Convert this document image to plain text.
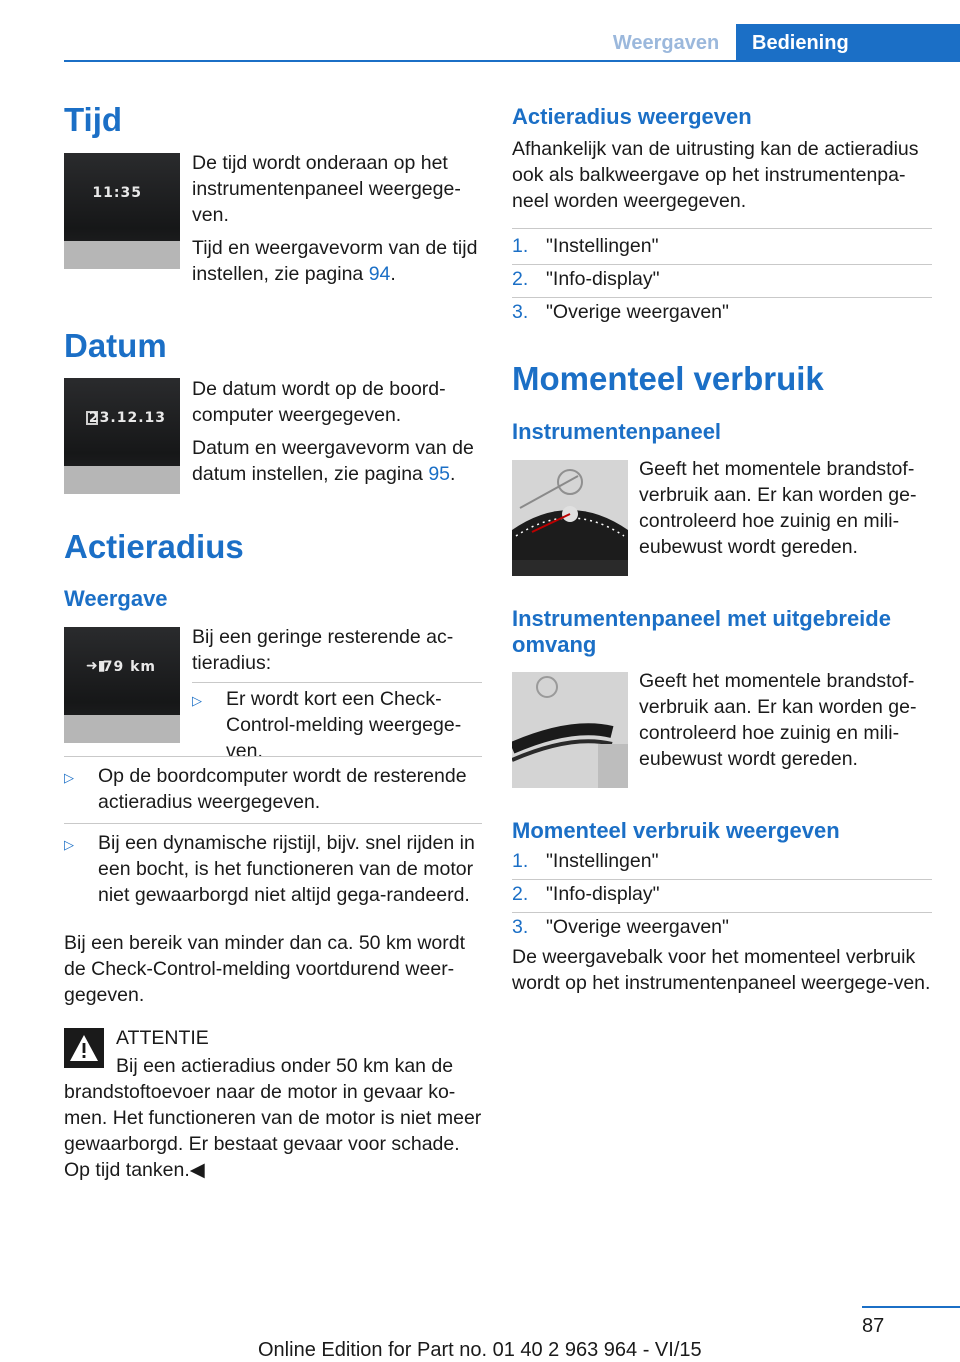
Weergaven	Bediening
Tijd
11:35
De tijd wordt onderaan op het instrumentenpaneel weergege-ven.
Tijd en weergavevorm van de tijd instellen, zie pagina 94.
Datum
23.12.13
De datum wordt op de boord-computer weergegeven.
Datum en weergavevorm van de datum instellen, zie pagina 95.
Actieradius
Weergave
➜▮
79 km
Bij een geringe resterende ac-tieradius:
▷	Er wordt kort een Check-Control-melding weergege-ven.
▷	Op de boordcomputer wordt de resterende actieradius weergegeven.
▷	Bij een dynamische rijstijl, bijv. snel rijden in een bocht, is het functioneren van de motor niet gewaarborgd niet altijd gega-randeerd.
Bij een bereik van minder dan ca. 50 km wordt de Check-Control-melding voortdurend weer-gegeven.
ATTENTIE
Bij een actieradius onder 50 km kan de brandstoftoevoer naar de motor in gevaar ko-men. Het functioneren van de motor is niet meer gewaarborgd. Er bestaat gevaar voor schade. Op tijd tanken.◀
Actieradius weergeven
Afhankelijk van de uitrusting kan de actieradius ook als balkweergave op het instrumentenpa-neel worden weergegeven.
1. "Instellingen"
2. "Info-display"
3. "Overige weergaven"
Momenteel verbruik
Instrumentenpaneel
Geeft het momentele brandstof-verbruik aan. Er kan worden ge-controleerd hoe zuinig en mili-eubewust wordt gereden.
Instrumentenpaneel met uitgebreide omvang
Geeft het momentele brandstof-verbruik aan. Er kan worden ge-controleerd hoe zuinig en mili-eubewust wordt gereden.
Momenteel verbruik weergeven
1. "Instellingen"
2. "Info-display"
3. "Overige weergaven"
De weergavebalk voor het momenteel verbruik wordt op het instrumentenpaneel weergege-ven.
87
Online Edition for Part no. 01 40 2 963 964 - VI/15
